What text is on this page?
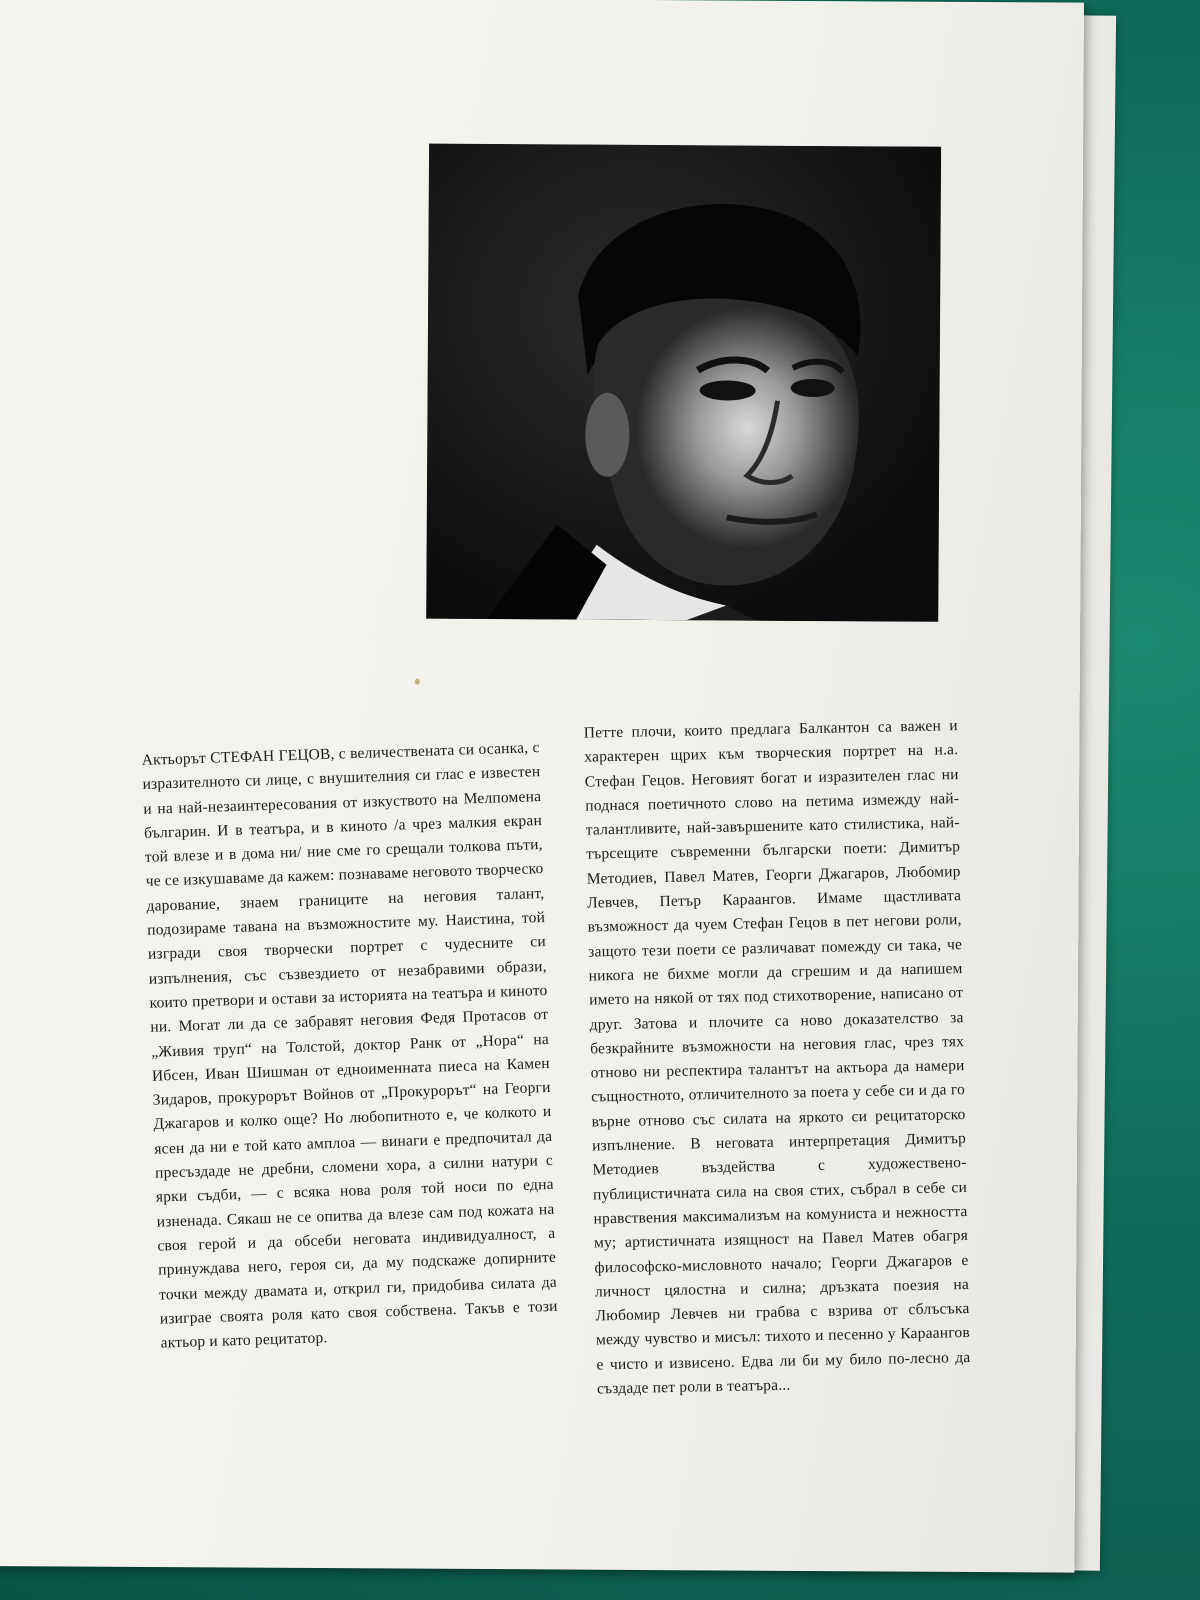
Актьорът СТЕФАН ГЕЦОВ, с величествената си осанка, с изразителното си лице, с внушителния си глас е известен и на най-незаинтересования от изкуството на Мелпомена българин. И в театъра, и в киното /а чрез малкия екран той влезе и в дома ни/ ние сме го срещали толкова пъти, че се изкушаваме да кажем: познаваме неговото творческо дарование, знаем границите на неговия талант, подозираме тавана на възможностите му. Наистина, той изгради своя творчески портрет с чудесните си изпълнения, със съзвездието от незабравими образи, които претвори и остави за историята на театъра и киното ни. Могат ли да се забравят неговия Федя Протасов от „Живия труп“ на Толстой, доктор Ранк от „Нора“ на Ибсен, Иван Шишман от едноименната пиеса на Камен Зидаров, прокурорът Войнов от „Прокурорът“ на Георги Джагаров и колко още? Но любопитното е, че колкото и ясен да ни е той като амплоа — винаги е предпочитал да пресъздаде не дребни, сломени хора, а силни натури с ярки съдби, — с всяка нова роля той носи по една изненада. Сякаш не се опитва да влезе сам под кожата на своя герой и да обсеби неговата индивидуалност, а принуждава него, героя си, да му подскаже допирните точки между двамата и, открил ги, придобива силата да изиграе своята роля като своя собствена. Такъв е този актьор и като рецитатор.

Петте плочи, които предлага Балкантон са важен и характерен щрих към творческия портрет на н.а. Стефан Гецов. Неговият богат и изразителен глас ни поднася поетичното слово на петима измежду най-талантливите, най-завършените като стилистика, най-търсещите съвременни български поети: Димитър Методиев, Павел Матев, Георги Джагаров, Любомир Левчев, Петър Караангов. Имаме щастливата възможност да чуем Стефан Гецов в пет негови роли, защото тези поети се различават помежду си така, че никога не бихме могли да сгрешим и да напишем името на някой от тях под стихотворение, написано от друг. Затова и плочите са ново доказателство за безкрайните възможности на неговия глас, чрез тях отново ни респектира талантът на актьора да намери същностното, отличителното за поета у себе си и да го върне отново със силата на яркото си рецитаторско изпълнение. В неговата интерпретация Димитър Методиев въздейства с художествено-публицистичната сила на своя стих, събрал в себе си нравствения максимализъм на комуниста и нежността му; артистичната изящност на Павел Матев обагря философско-мисловното начало; Георги Джагаров е личност цялостна и силна; дръзката поезия на Любомир Левчев ни грабва с взрива от сблъсъка между чувство и мисъл: тихото и песенно у Караангов е чисто и извисено. Едва ли би му било по-лесно да създаде пет роли в театъра...
